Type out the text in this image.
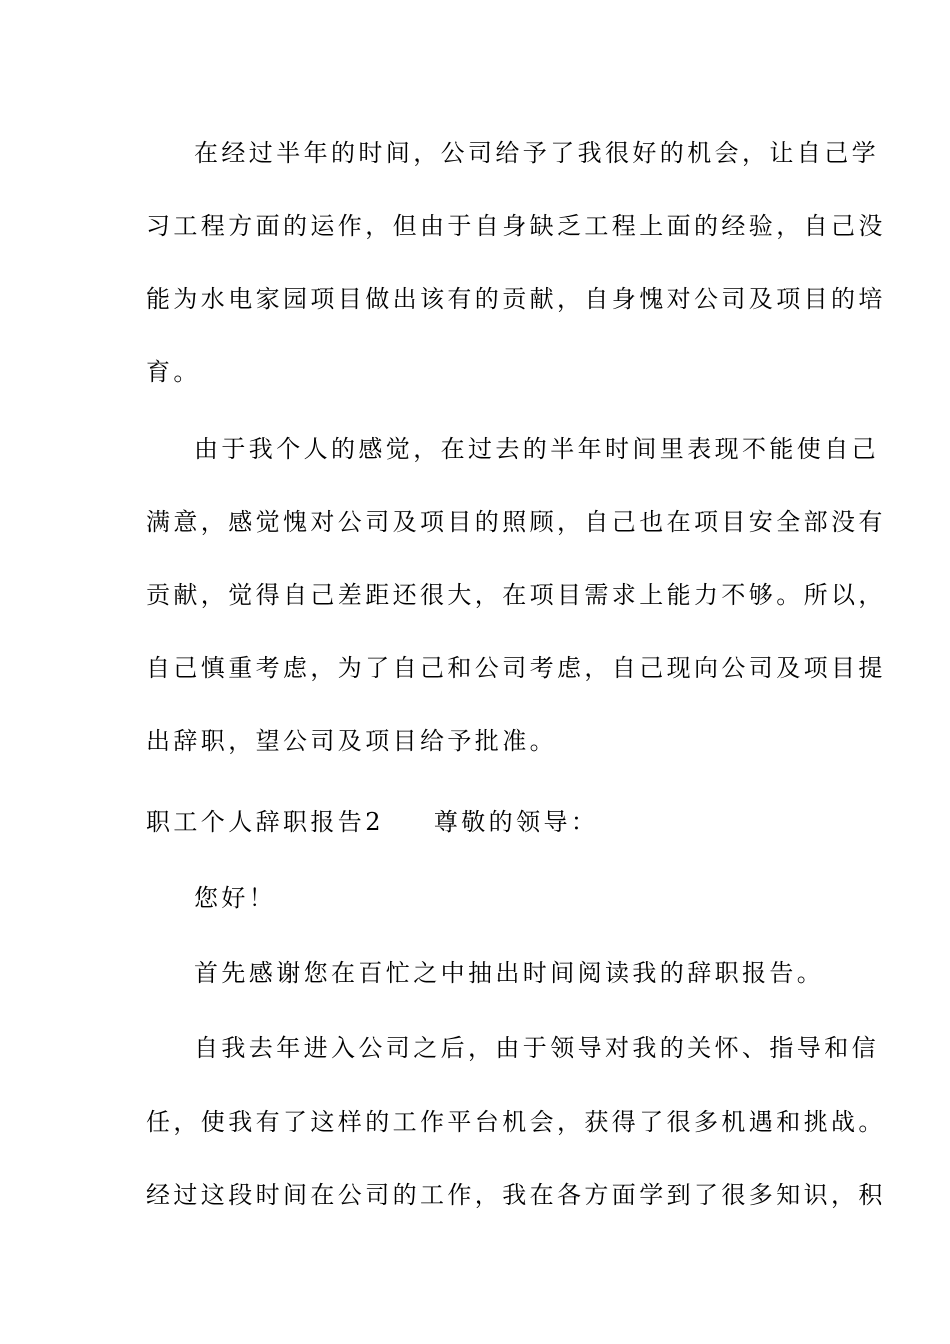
在经过半年的时间，公司给予了我很好的机会，让自己学
习工程方面的运作，但由于自身缺乏工程上面的经验，自己没
能为水电家园项目做出该有的贡献，自身愧对公司及项目的培
育。
由于我个人的感觉，在过去的半年时间里表现不能使自己
满意，感觉愧对公司及项目的照顾，自己也在项目安全部没有
贡献，觉得自己差距还很大，在项目需求上能力不够。所以，
自己慎重考虑，为了自己和公司考虑，自己现向公司及项目提
出辞职，望公司及项目给予批准。
职工个人辞职报告2 尊敬的领导：
您好！
首先感谢您在百忙之中抽出时间阅读我的辞职报告。
自我去年进入公司之后，由于领导对我的关怀、指导和信
任，使我有了这样的工作平台机会，获得了很多机遇和挑战。
经过这段时间在公司的工作，我在各方面学到了很多知识，积
